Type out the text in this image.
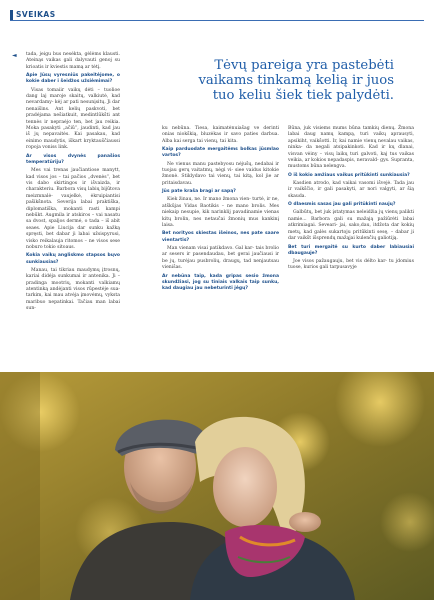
SVEIKAS
Tėvų pareiga yra pastebėti vaikams tinkamą kelią ir juos tuo keliu šiek tiek palydėti.
◄ tada, jeigu bus nesėkta, gėlėms klausti. Ateinąs vaikas gali dalyvauti genoj su krioatis ir kviestis mamą ar tėtį.

Apie Jūsų vyresniūs pakeitėjome, o kokie daber i šeidžos užsiėmimai?

Visas tomaiir vaikų dėti – tuolioe dang laj maroje skaitų, valkiutė, kad nevardamy- kėj ar pati nesunįsitų. Ji dar nenaišins. Ant kelių paskvoti, bet pradėjama nešiatkuit, medintlūkšti ant tennės ir nepraėjo ten, bet jau reikia. Moka pasakyti „ačiū“, jaudinti, kad jau iš jų nepavaitės. Kai pasakau, kad einimo maudytis, iškart kryktauščiaussi ropoja voniss link.

Ar visos dvynės panašios temperatūriju?

Mes vai trenas jaučiantiose manytt, kad visos jos – tai pačios „dvenės“, bet vis dabo skirtingos ir išvaizda, ir charakteriu. Barbora visų labių bijūtova meizmnalė- vaujelkė, ėkruipiantisi pašikšnota. Severija labai praktiška, diplomatiška, mokanti rasti kampi nebūkt. Augmila ir atskiros – vai nasatu sa dvost, spaljos dermė, o tada – iš abit seaes. Apie Liucija dar sunku kažką spręsti, bet dabar ji labai užsispyrusi, visko reikalauja ritomos – ne visos sese noburo tokio sitoaus.

Kokia vaikų angliskmo stapsos bųvo sunkiausias?

Manau, tai tikriau maudymų įtrosnų, kariai didėja sunkumai ir antenika. Ji – pradinga mootrių, mokanti valkiamų atentinką andėjanti visos rūpestėje sua- tarkim, kai mau atvėja įmovėmų, vyksta maribuo nepatinkai. Tačiau man labai sun-

ku nebūna. Tiesa, kaimatėnuiašag ve derinti onias niokškią, bluzėkas ir savo paties darbua. Alba kai serga tai vienų, tai kita.

Kaip parduodate mergaitėms bolkas jūsmlao vartos?

Ne vienus manu pastebyosu nėjušų, nedabai ir tuojau gerų vaitatmų, nėgi vi- siee vaidus kitokie žmonė. Stiklydavo tai vienų, tai kitą, kol jie ar pritaisdavau.

Jūs pate kraša bragi ar sapą?

Kiek žinau, ne. Ir mano žmona vien- turtė, ir ne, atškūjas Vidas Baotikis – ne mano brolis. Mes niekaip nesupie, kik narinklij pavadinamie vienas kitų brolin, nes netaučai žmonių mus kankinį laisa.

Bet norityos skiestas išeinos, nes pate saare vientartis?

Man vienam visai patikdavo. Gal kar- tais brolio ar sesers ir pasendaudau, bet gerai jaučiausi ir be jų, turėjau pusbrolių, draugų, tad nenjautsau vienišas.

Ar nebūna taip, kada gripas sesio žmona skundžiasi, jog su tiniais valkais taip sunku, kad daugiau jau nebeturinti jėgų?

Būna, juk visiems mums būna tamkių dienų. Žmona labai daug namų kampą, turi vaikų aprausyti, apsikiht, vaikšotti. Ir, kai namie vienų nevalau vaikas, ninka- da negali atsipakinkoti. Kad ir kų dlanai, visvan vėiny – visų laikų turi galvoti, kaj tus vaikas veikia, ar kokios nepadaspis, neravald- gys. Supranta, mustoms būna nelengva.

O iš kokio amžiaus vaikus pritūkinti sunkiausia?

Kasdien atrodo, kad vaikai vasomi išvejė. Tada jau ir vaikščio, ir gali pasakyti, ar nori valgyti, ar šią skauda.

O dlaesmis sasas jau gali pritūkinti naujų?

Galbūtų, bet juk įstatymas neleidžia jų vienų palikti namie... Barbora gali su mažają pažiūrėti labai atkrimiagai. Seveari- jai, sako,dau, itdžota dar kokių metų, kad galės sukartoju pritūkinti sesę, – dabar ji dar vaikšt išsprendų mažąjai kulenčių galiotiją.

Bet turi mergaitė su kurto daber labiausiai dbaugauje?

Joe visos pažaugauju, bet vis dėlto kar- tu jdomius tuose, kurios gali tarpusavyje
